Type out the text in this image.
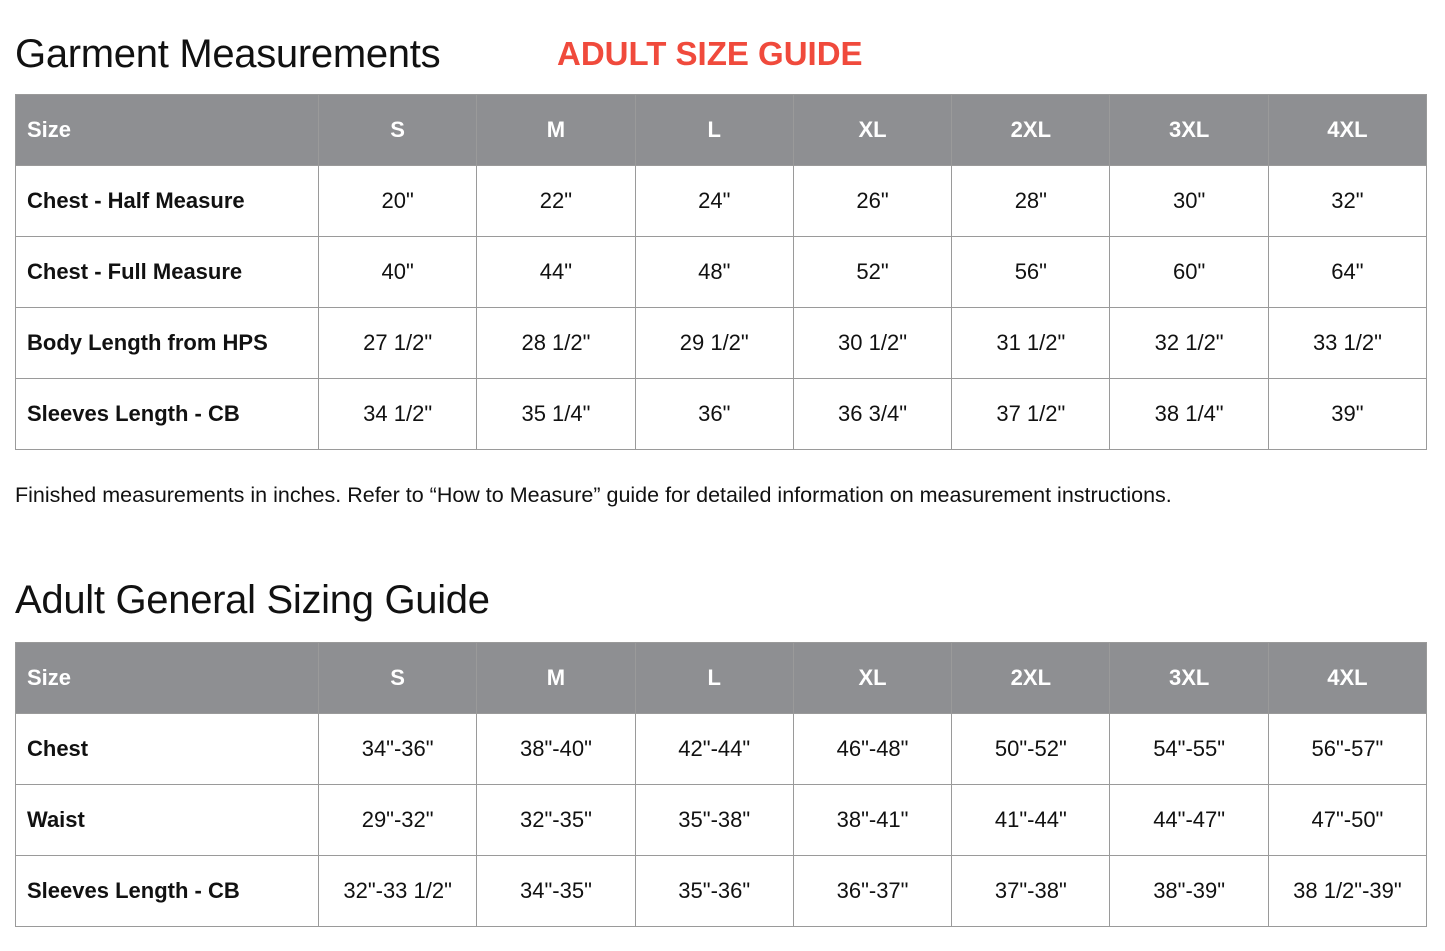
Garment Measurements	ADULT SIZE GUIDE
Size	S	M	L	XL	2XL	3XL	4XL
Chest - Half Measure	20"	22"	24"	26"	28"	30"	32"
Chest - Full Measure	40"	44"	48"	52"	56"	60"	64"
Body Length from HPS	27 1/2"	28 1/2"	29 1/2"	30 1/2"	31 1/2"	32 1/2"	33 1/2"
Sleeves Length - CB	34 1/2"	35 1/4"	36"	36 3/4"	37 1/2"	38 1/4"	39"
Finished measurements in inches. Refer to “How to Measure” guide for detailed information on measurement instructions.
Adult General Sizing Guide
Size	S	M	L	XL	2XL	3XL	4XL
Chest	34"-36"	38"-40"	42"-44"	46"-48"	50"-52"	54"-55"	56"-57"
Waist	29"-32"	32"-35"	35"-38"	38"-41"	41"-44"	44"-47"	47"-50"
Sleeves Length - CB	32"-33 1/2"	34"-35"	35"-36"	36"-37"	37"-38"	38"-39"	38 1/2"-39"
